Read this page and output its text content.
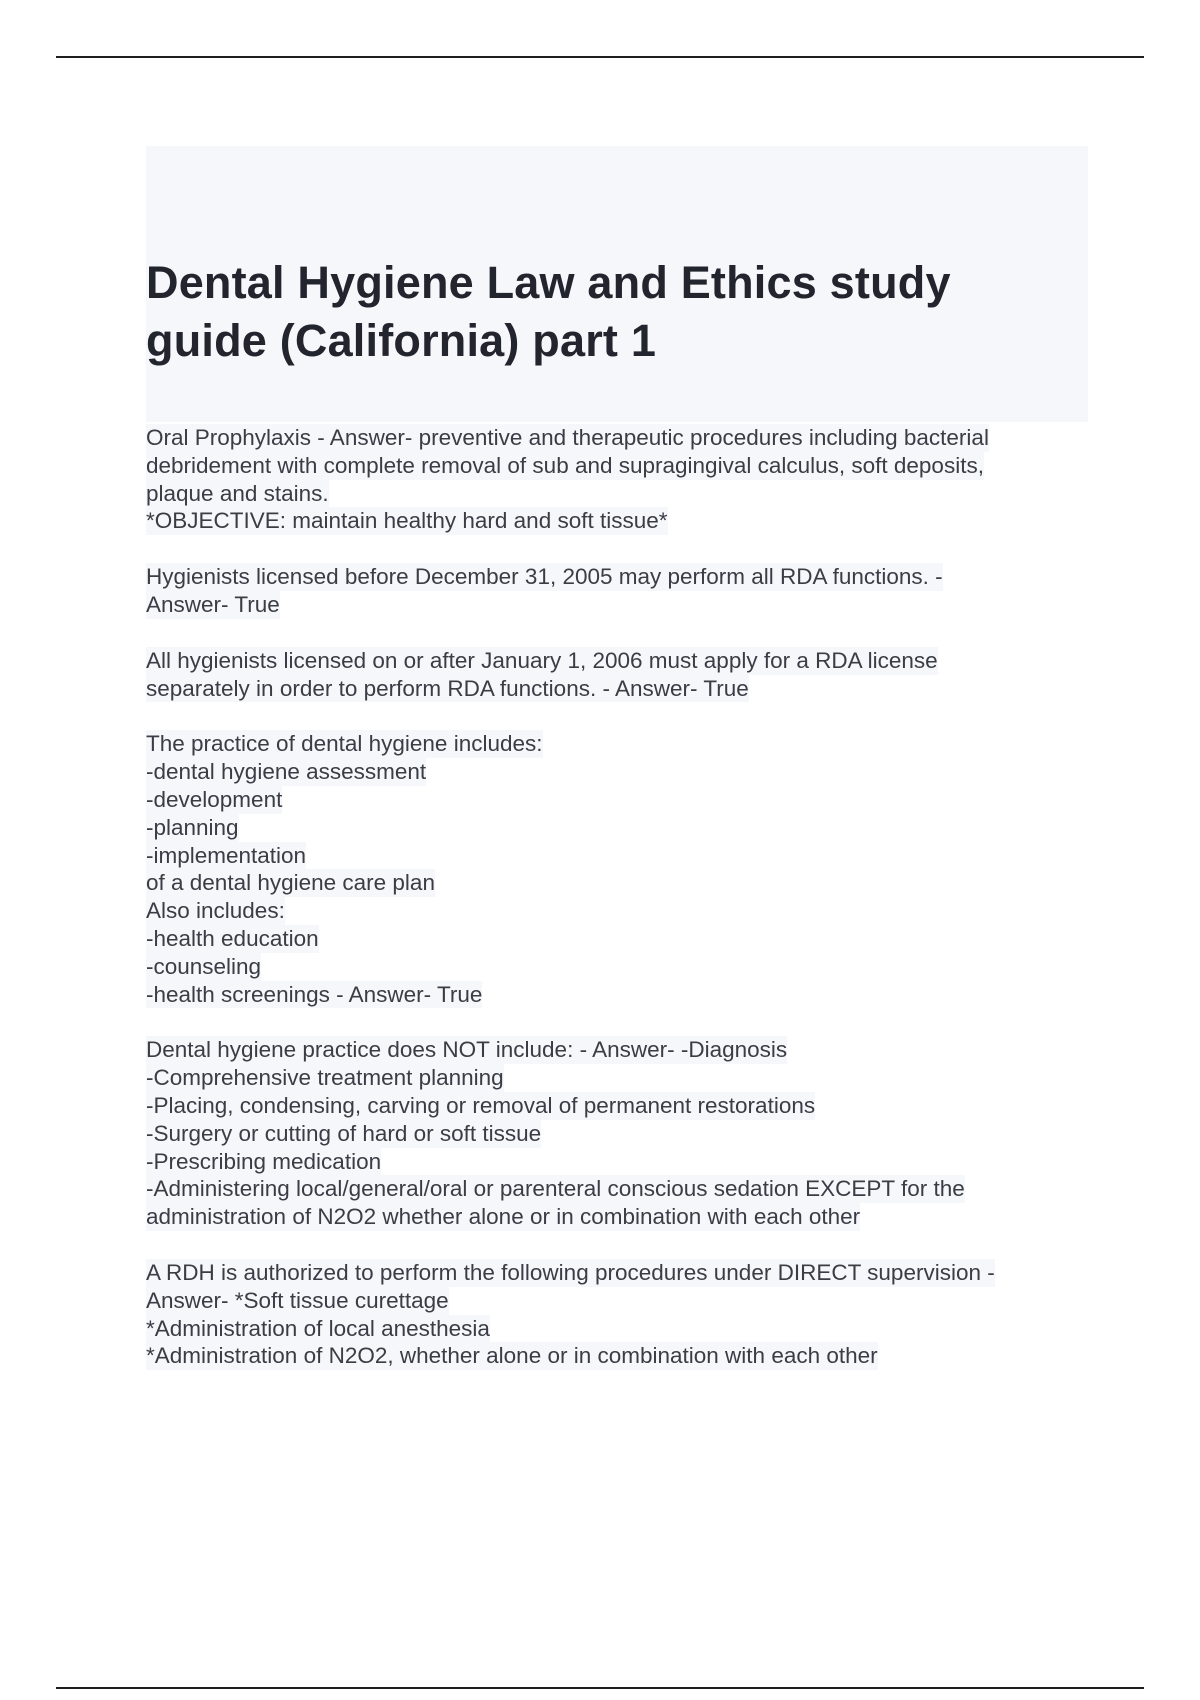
Dental Hygiene Law and Ethics study
guide (California) part 1
Oral Prophylaxis - Answer- preventive and therapeutic procedures including bacterial
debridement with complete removal of sub and supragingival calculus, soft deposits,
plaque and stains.
*OBJECTIVE: maintain healthy hard and soft tissue*
Hygienists licensed before December 31, 2005 may perform all RDA functions. -
Answer- True
All hygienists licensed on or after January 1, 2006 must apply for a RDA license
separately in order to perform RDA functions. - Answer- True
The practice of dental hygiene includes:
-dental hygiene assessment
-development
-planning
-implementation
of a dental hygiene care plan
Also includes:
-health education
-counseling
-health screenings - Answer- True
Dental hygiene practice does NOT include: - Answer- -Diagnosis
-Comprehensive treatment planning
-Placing, condensing, carving or removal of permanent restorations
-Surgery or cutting of hard or soft tissue
-Prescribing medication
-Administering local/general/oral or parenteral conscious sedation EXCEPT for the
administration of N2O2 whether alone or in combination with each other
A RDH is authorized to perform the following procedures under DIRECT supervision -
Answer- *Soft tissue curettage
*Administration of local anesthesia
*Administration of N2O2, whether alone or in combination with each other
